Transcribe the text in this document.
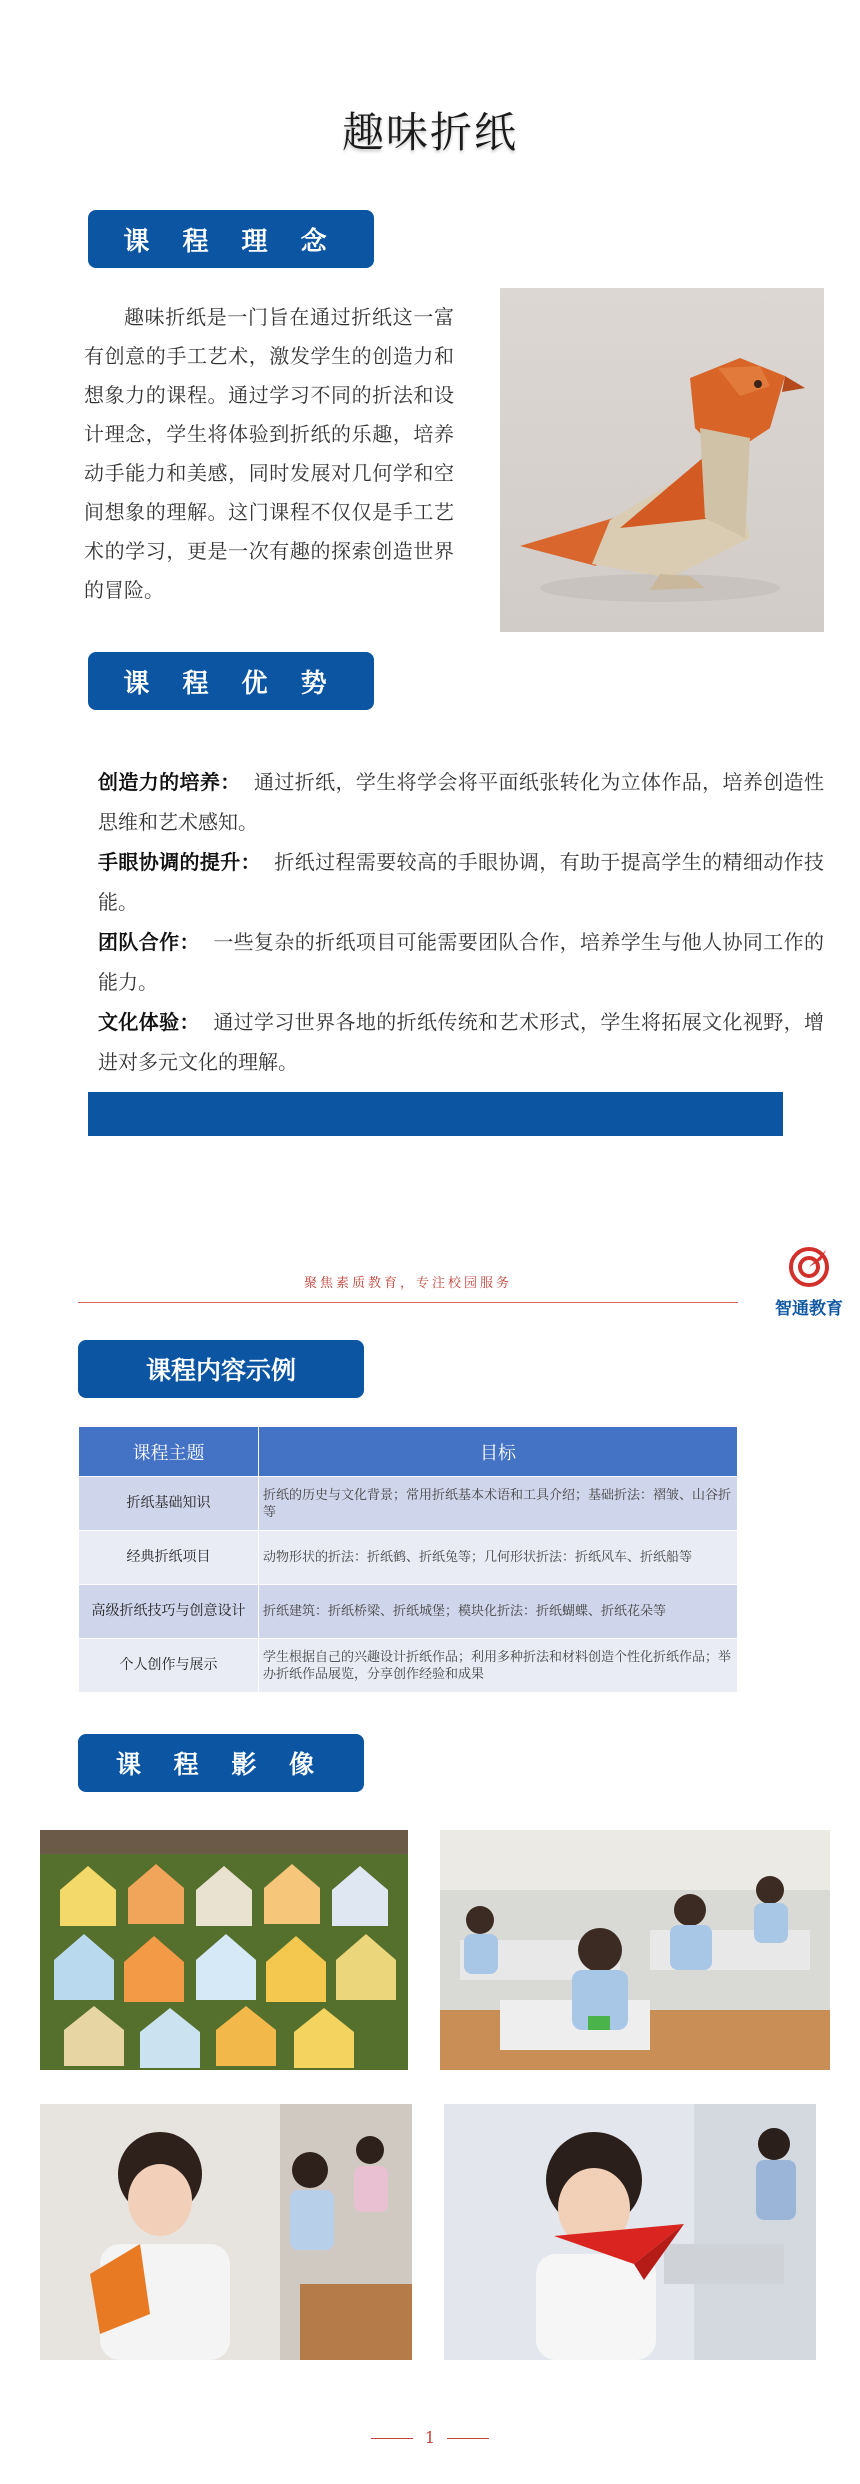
趣味折纸
课 程 理 念

趣味折纸是一门旨在通过折纸这一富有创意的手工艺术，激发学生的创造力和想象力的课程。通过学习不同的折法和设计理念，学生将体验到折纸的乐趣，培养动手能力和美感，同时发展对几何学和空间想象的理解。这门课程不仅仅是手工艺术的学习，更是一次有趣的探索创造世界的冒险。

课 程 优 势

创造力的培养： 通过折纸，学生将学会将平面纸张转化为立体作品，培养创造性思维和艺术感知。

手眼协调的提升： 折纸过程需要较高的手眼协调，有助于提高学生的精细动作技能。

团队合作： 一些复杂的折纸项目可能需要团队合作，培养学生与他人协同工作的能力。

文化体验： 通过学习世界各地的折纸传统和艺术形式，学生将拓展文化视野，增进对多元文化的理解。

聚焦素质教育，专注校园服务
智通教育
课程内容示例
课程主题	目标
折纸基础知识	折纸的历史与文化背景；常用折纸基本术语和工具介绍；基础折法：褶皱、山谷折等
经典折纸项目	动物形状的折法：折纸鹤、折纸兔等；几何形状折法：折纸风车、折纸船等
高级折纸技巧与创意设计	折纸建筑：折纸桥梁、折纸城堡；模块化折法：折纸蝴蝶、折纸花朵等
个人创作与展示	学生根据自己的兴趣设计折纸作品；利用多种折法和材料创造个性化折纸作品；举办折纸作品展览，分享创作经验和成果
课 程 影 像
1
